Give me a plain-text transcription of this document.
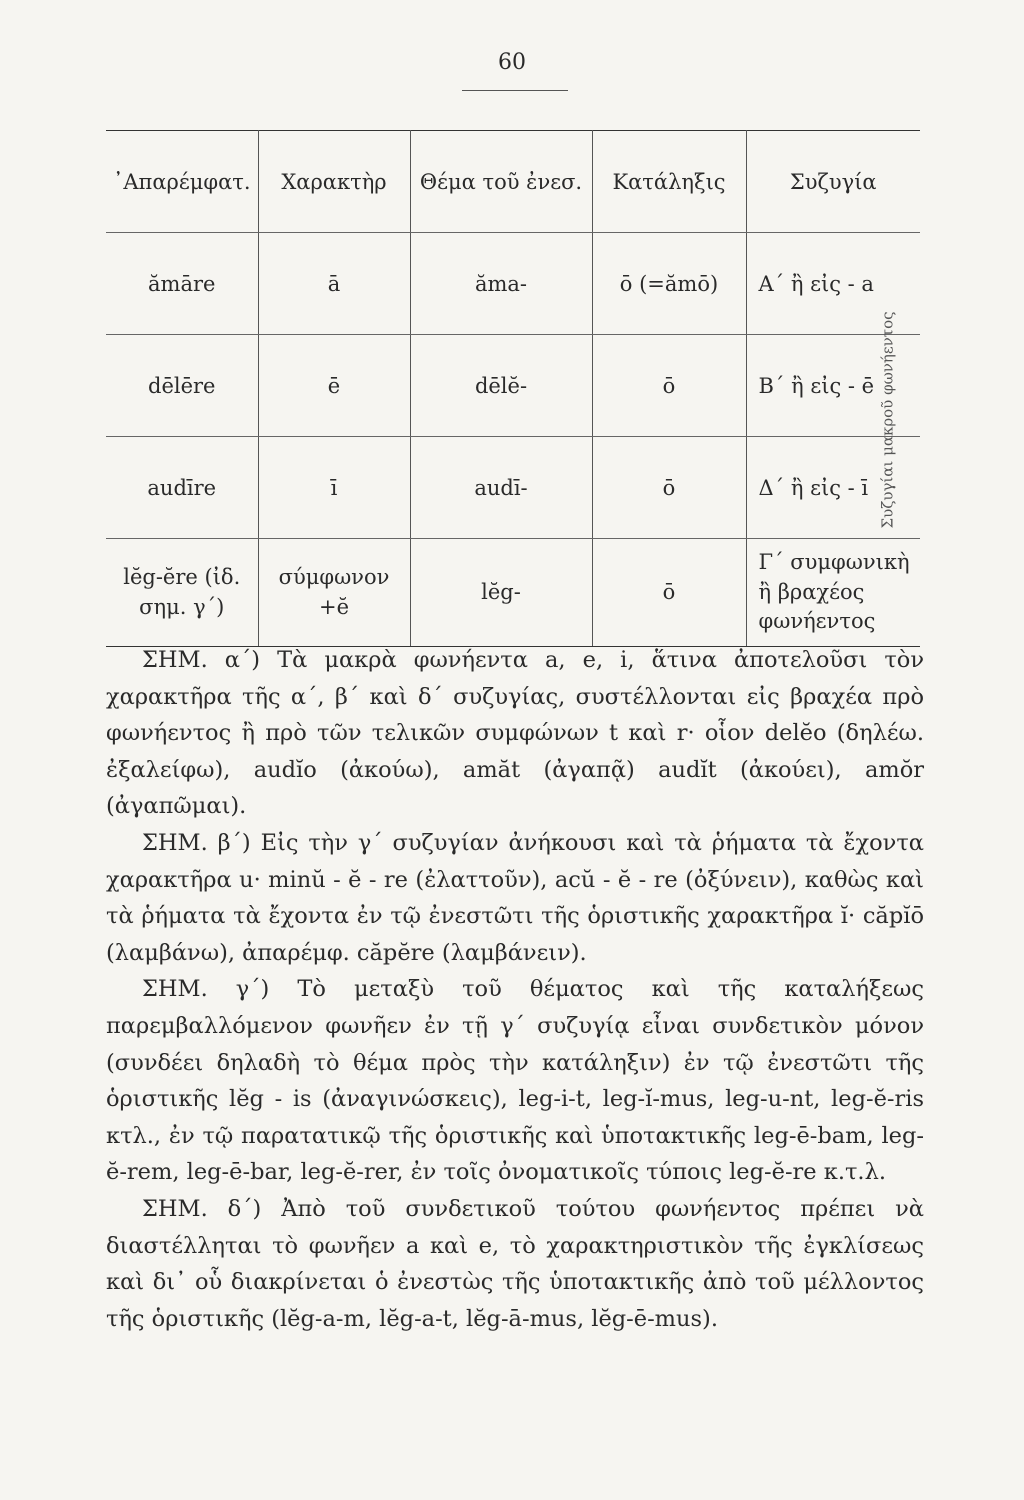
60
᾿Απαρέμφατ.	Χαρακτὴρ	Θέμα τοῦ ἐνεσ.	Κατάληξις	Συζυγία
ămāre	ā	ăma-	ō (=ămō)	Α´ ἢ εἰς - a
dēlēre	ē	dēlĕ-	ō	Β´ ἢ εἰς - ē
audīre	ī	audī-	ō	Δ´ ἢ εἰς - ī
lĕg-ĕre (ἰδ. σημ. γ´)	σύμφωνον +ĕ	lĕg-	ō	Γ´ συμφωνικὴ ἢ βραχέος φωνήεντος
Συζυγίαι μακροῦ φωνήεντος

ΣΗΜ. α´) Τὰ μακρὰ φωνήεντα a, e, i, ἅτινα ἀποτελοῦσι τὸν χαρακτῆρα τῆς α´, β´ καὶ δ´ συζυγίας, συστέλλονται εἰς βραχέα πρὸ φωνήεντος ἢ πρὸ τῶν τελικῶν συμφώνων t καὶ r· οἷον delĕo (δηλέω. ἐξαλείφω), audĭo (ἀκούω), amăt (ἀγαπᾷ) audĭt (ἀκούει), amŏr (ἀγαπῶμαι).

ΣΗΜ. β´) Εἰς τὴν γ´ συζυγίαν ἀνήκουσι καὶ τὰ ῥήματα τὰ ἔχοντα χαρακτῆρα u· minŭ - ĕ - re (ἐλαττοῦν), acŭ - ĕ - re (ὀξύνειν), καθὼς καὶ τὰ ῥήματα τὰ ἔχοντα ἐν τῷ ἐνεστῶτι τῆς ὁριστικῆς χαρακτῆρα ĭ· căpĭō (λαμβάνω), ἀπαρέμφ. căpĕre (λαμβάνειν).

ΣΗΜ. γ´) Τὸ μεταξὺ τοῦ θέματος καὶ τῆς καταλήξεως παρεμβαλλόμενον φωνῆεν ἐν τῇ γ´ συζυγίᾳ εἶναι συνδετικὸν μόνον (συνδέει δηλαδὴ τὸ θέμα πρὸς τὴν κατάληξιν) ἐν τῷ ἐνεστῶτι τῆς ὁριστικῆς lĕg - is (ἀναγινώσκεις), leg-i-t, leg-ĭ-mus, leg-u-nt, leg-ĕ-ris κτλ., ἐν τῷ παρατατικῷ τῆς ὁριστικῆς καὶ ὑποτακτικῆς leg-ē-bam, leg-ĕ-rem, leg-ē-bar, leg-ĕ-rer, ἐν τοῖς ὀνοματικοῖς τύποις leg-ĕ-re κ.τ.λ.

ΣΗΜ. δ´) Ἀπὸ τοῦ συνδετικοῦ τούτου φωνήεντος πρέπει νὰ διαστέλληται τὸ φωνῆεν a καὶ e, τὸ χαρακτηριστικὸν τῆς ἐγκλίσεως καὶ δι᾿ οὗ διακρίνεται ὁ ἐνεστὼς τῆς ὑποτακτικῆς ἀπὸ τοῦ μέλλοντος τῆς ὁριστικῆς (lĕg-a-m, lĕg-a-t, lĕg-ā-mus, lĕg-ē-mus).
